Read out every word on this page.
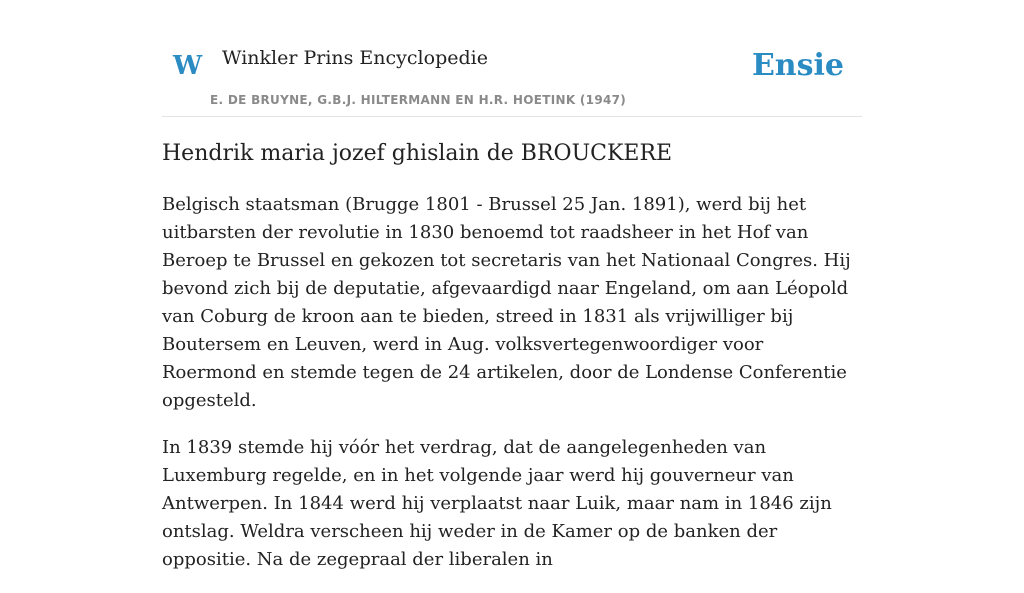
W Winkler Prins Encyclopedie
E. DE BRUYNE, G.B.J. HILTERMANN EN H.R. HOETINK (1947)
Ensie
Hendrik maria jozef ghislain de BROUCKERE

Belgisch staatsman (Brugge 1801 - Brussel 25 Jan. 1891), werd bij het uitbarsten der revolutie in 1830 benoemd tot raadsheer in het Hof van Beroep te Brussel en gekozen tot secretaris van het Nationaal Congres. Hij bevond zich bij de deputatie, afgevaardigd naar Engeland, om aan Léopold van Coburg de kroon aan te bieden, streed in 1831 als vrijwilliger bij Boutersem en Leuven, werd in Aug. volksvertegenwoordiger voor Roermond en stemde tegen de 24 artikelen, door de Londense Conferentie opgesteld.

In 1839 stemde hij vóór het verdrag, dat de aangelegenheden van Luxemburg regelde, en in het volgende jaar werd hij gouverneur van Antwerpen. In 1844 werd hij verplaatst naar Luik, maar nam in 1846 zijn ontslag. Weldra verscheen hij weder in de Kamer op de banken der oppositie. Na de zegepraal der liberalen in
